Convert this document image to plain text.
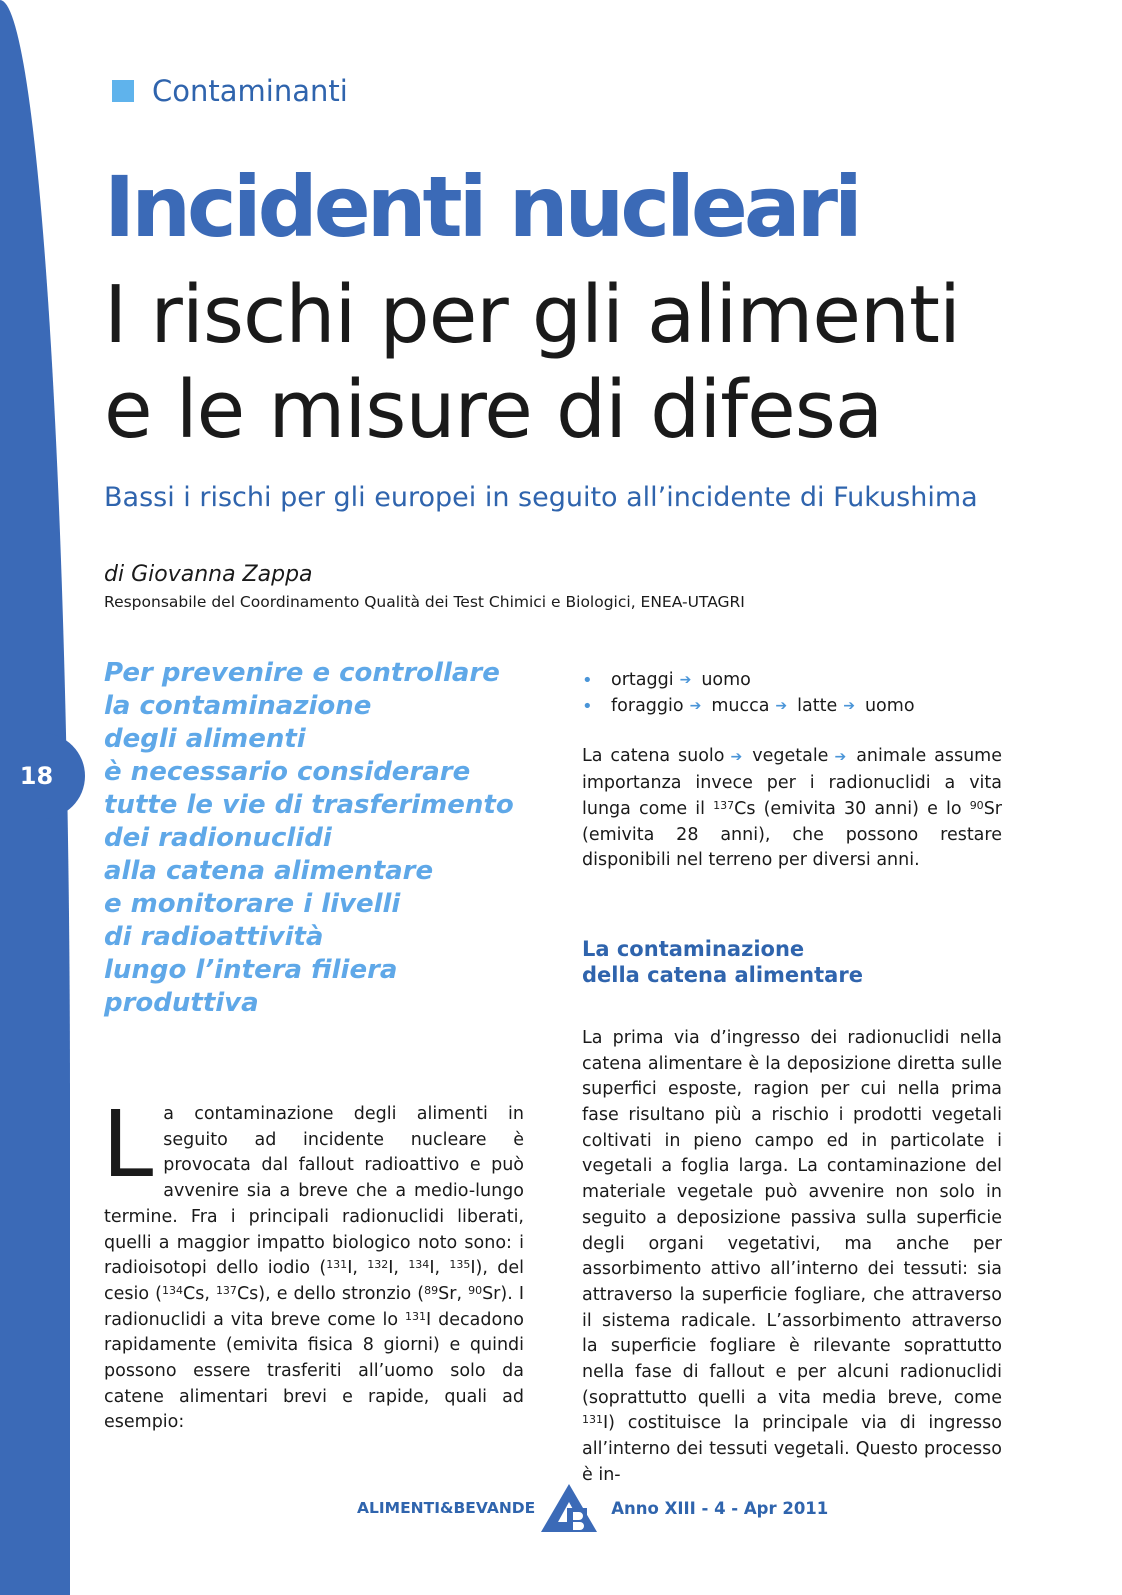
18
Contaminanti
Incidenti nucleari
I rischi per gli alimenti
e le misure di difesa
Bassi i rischi per gli europei in seguito all’incidente di Fukushima
di Giovanna Zappa
Responsabile del Coordinamento Qualità dei Test Chimici e Biologici, ENEA-UTAGRI
Per prevenire e controllare
la contaminazione
degli alimenti
è necessario considerare
tutte le vie di trasferimento
dei radionuclidi
alla catena alimentare
e monitorare i livelli
di radioattività
lungo l’intera filiera
produttiva
La contaminazione degli alimenti in seguito ad incidente nucleare è provocata dal fallout radioattivo e può avvenire sia a breve che a medio-lungo termine. Fra i principali radionuclidi liberati, quelli a maggior impatto biologico noto sono: i radioisotopi dello iodio ($^{131}$I, $^{132}$I, $^{134}$I, $^{135}$I), del cesio ($^{134}$Cs, $^{137}$Cs), e dello stronzio ($^{89}$Sr, $^{90}$Sr). I radionuclidi a vita breve come lo $^{131}$I decadono rapidamente (emivita fisica 8 giorni) e quindi possono essere trasferiti all’uomo solo da catene alimentari brevi e rapide, quali ad esempio:
•	ortaggi ➔ uomo
•	foraggio ➔ mucca ➔ latte ➔ uomo
La catena suolo ➔ vegetale ➔ animale assume importanza invece per i radionuclidi a vita lunga come il $^{137}$Cs (emivita 30 anni) e lo $^{90}$Sr (emivita 28 anni), che possono restare disponibili nel terreno per diversi anni.
La contaminazione
della catena alimentare
La prima via d’ingresso dei radionuclidi nella catena alimentare è la deposizione diretta sulle superfici esposte, ragion per cui nella prima fase risultano più a rischio i prodotti vegetali coltivati in pieno campo ed in particolate i vegetali a foglia larga. La contaminazione del materiale vegetale può avvenire non solo in seguito a deposizione passiva sulla superficie degli organi vegetativi, ma anche per assorbimento attivo all’interno dei tessuti: sia attraverso la superficie fogliare, che attraverso il sistema radicale. L’assorbimento attraverso la superficie fogliare è rilevante soprattutto nella fase di fallout e per alcuni radionuclidi (soprattutto quelli a vita media breve, come $^{131}$I) costituisce la principale via di ingresso all’interno dei tessuti vegetali. Questo processo è in-
ALIMENTI&BEVANDE	Anno XIII - 4 - Apr 2011
